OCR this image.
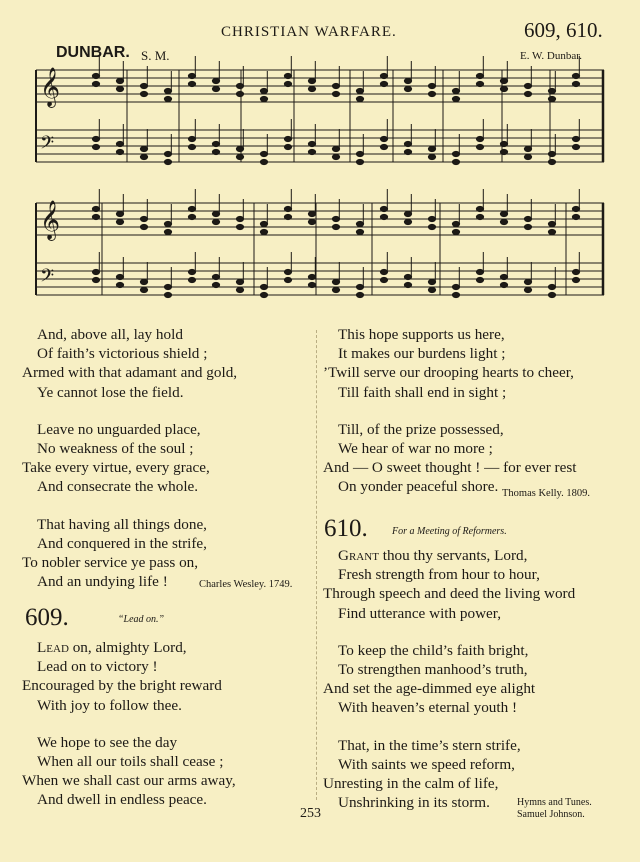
CHRISTIAN WARFARE.	609, 610.
DUNBAR. S. M.	E. W. Dunbar.
𝄞
𝄢
𝄞
𝄢
And, above all, lay hold
Of faith’s victorious shield ;
Armed with that adamant and gold,
Ye cannot lose the field.
Leave no unguarded place,
No weakness of the soul ;
Take every virtue, every grace,
And consecrate the whole.
That having all things done,
And conquered in the strife,
To nobler service ye pass on,
And an undying life !	Charles Wesley. 1749.
609.	“Lead on.”
Lead on, almighty Lord,
Lead on to victory !
Encouraged by the bright reward
With joy to follow thee.
We hope to see the day
When all our toils shall cease ;
When we shall cast our arms away,
And dwell in endless peace.
This hope supports us here,
It makes our burdens light ;
’Twill serve our drooping hearts to cheer,
Till faith shall end in sight ;
Till, of the prize possessed,
We hear of war no more ;
And — O sweet thought ! — for ever rest
On yonder peaceful shore. Thomas Kelly. 1809.
610. For a Meeting of Reformers.
Grant thou thy servants, Lord,
Fresh strength from hour to hour,
Through speech and deed the living word
Find utterance with power,
To keep the child’s faith bright,
To strengthen manhood’s truth,
And set the age-dimmed eye alight
With heaven’s eternal youth !
That, in the time’s stern strife,
With saints we speed reform,
Unresting in the calm of life,
Unshrinking in its storm.
253
Hymns and Tunes.
Samuel Johnson.
